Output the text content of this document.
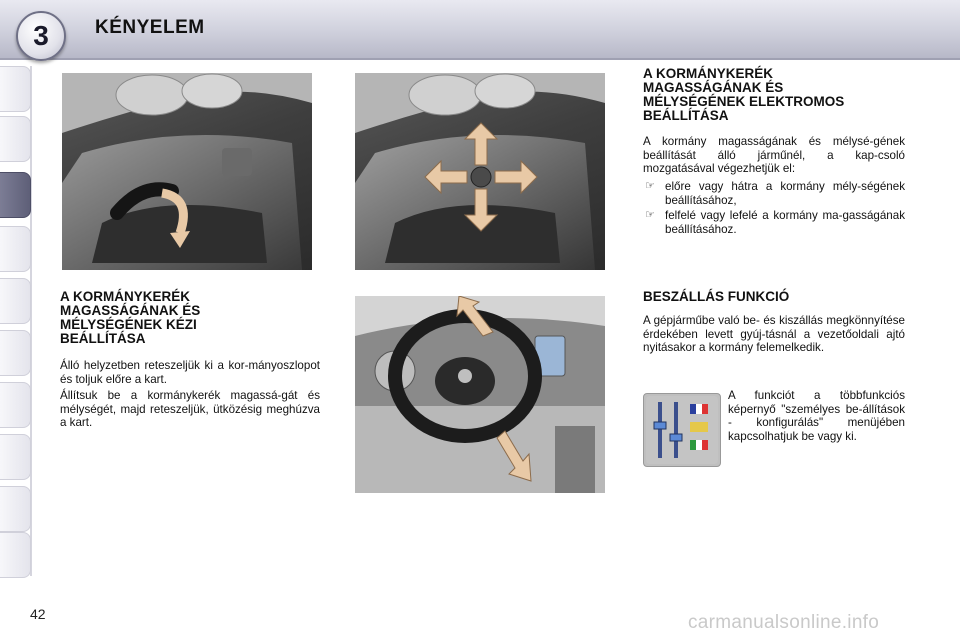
3 KÉNYELEM
A KORMÁNYKERÉK
MAGASSÁGÁNAK ÉS
MÉLYSÉGÉNEK KÉZI
BEÁLLÍTÁSA
Álló helyzetben reteszeljük ki a kor-mányoszlopot és toljuk előre a kart.
Állítsuk be a kormánykerék magassá-gát és mélységét, majd reteszeljük, ütközésig meghúzva a kart.
A KORMÁNYKERÉK
MAGASSÁGÁNAK ÉS
MÉLYSÉGÉNEK ELEKTROMOS
BEÁLLÍTÁSA
A kormány magasságának és mélysé-gének beállítását álló járműnél, a kap-csoló mozgatásával végezhetjük el:
☞ előre vagy hátra a kormány mély-ségének beállításához,
☞ felfelé vagy lefelé a kormány ma-gasságának beállításához.
BESZÁLLÁS FUNKCIÓ
A gépjárműbe való be- és kiszállás megkönnyítése érdekében levett gyúj-tásnál a vezetőoldali ajtó nyitásakor a kormány felemelkedik.
A funkciót a többfunkciós képernyő "személyes be-állítások - konfigurálás" menüjében kapcsolhatjuk be vagy ki.
42	carmanualsonline.info
